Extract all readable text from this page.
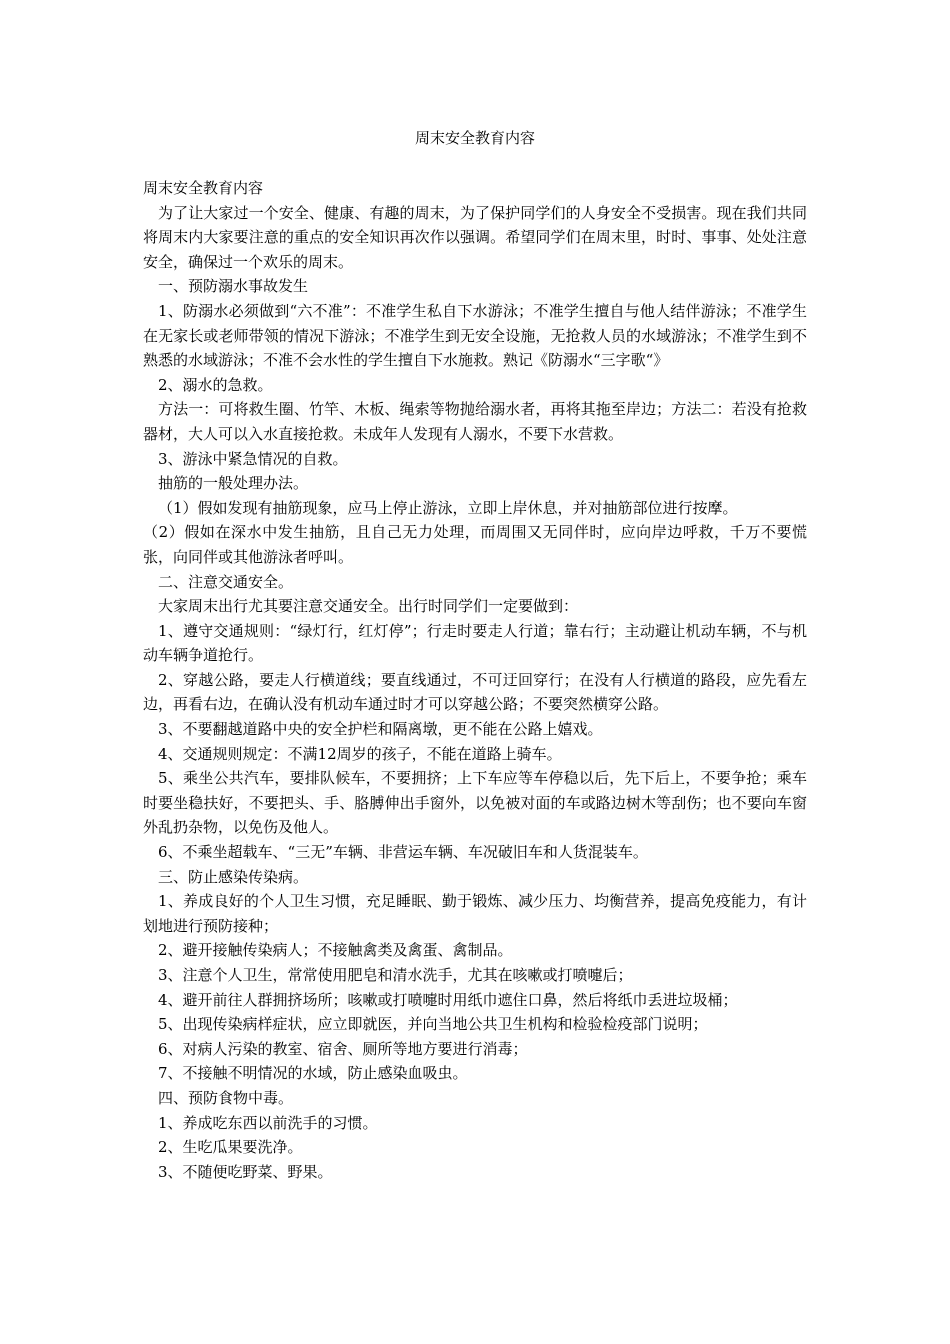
周末安全教育内容

周末安全教育内容

为了让大家过一个安全、健康、有趣的周末，为了保护同学们的人身安全不受损害。现在我们共同将周末内大家要注意的重点的安全知识再次作以强调。希望同学们在周末里，时时、事事、处处注意安全，确保过一个欢乐的周末。

一、预防溺水事故发生

1、防溺水必须做到“六不准”：不准学生私自下水游泳；不准学生擅自与他人结伴游泳；不准学生在无家长或老师带领的情况下游泳；不准学生到无安全设施，无抢救人员的水域游泳；不准学生到不熟悉的水域游泳；不准不会水性的学生擅自下水施救。熟记《防溺水“三字歌“》

2、溺水的急救。

方法一：可将救生圈、竹竿、木板、绳索等物抛给溺水者，再将其拖至岸边；方法二：若没有抢救器材，大人可以入水直接抢救。未成年人发现有人溺水，不要下水营救。

3、游泳中紧急情况的自救。

抽筋的一般处理办法。

（1）假如发现有抽筋现象，应马上停止游泳，立即上岸休息，并对抽筋部位进行按摩。

（2）假如在深水中发生抽筋，且自己无力处理，而周围又无同伴时，应向岸边呼救，千万不要慌张，向同伴或其他游泳者呼叫。

二、注意交通安全。

大家周末出行尤其要注意交通安全。出行时同学们一定要做到：

1、遵守交通规则：“绿灯行，红灯停”；行走时要走人行道；靠右行；主动避让机动车辆，不与机动车辆争道抢行。

2、穿越公路，要走人行横道线；要直线通过，不可迂回穿行；在没有人行横道的路段，应先看左边，再看右边，在确认没有机动车通过时才可以穿越公路；不要突然横穿公路。

3、不要翻越道路中央的安全护栏和隔离墩，更不能在公路上嬉戏。

4、交通规则规定：不满12周岁的孩子，不能在道路上骑车。

5、乘坐公共汽车，要排队候车，不要拥挤；上下车应等车停稳以后，先下后上，不要争抢；乘车时要坐稳扶好，不要把头、手、胳膊伸出手窗外，以免被对面的车或路边树木等刮伤；也不要向车窗外乱扔杂物，以免伤及他人。

6、不乘坐超载车、“三无”车辆、非营运车辆、车况破旧车和人货混装车。

三、防止感染传染病。

1、养成良好的个人卫生习惯，充足睡眠、勤于锻炼、减少压力、均衡营养，提高免疫能力，有计划地进行预防接种；

2、避开接触传染病人；不接触禽类及禽蛋、禽制品。

3、注意个人卫生，常常使用肥皂和清水洗手，尤其在咳嗽或打喷嚏后；

4、避开前往人群拥挤场所；咳嗽或打喷嚏时用纸巾遮住口鼻，然后将纸巾丢进垃圾桶；

5、出现传染病样症状，应立即就医，并向当地公共卫生机构和检验检疫部门说明；

6、对病人污染的教室、宿舍、厕所等地方要进行消毒；

7、不接触不明情况的水域，防止感染血吸虫。

四、预防食物中毒。

1、养成吃东西以前洗手的习惯。

2、生吃瓜果要洗净。

3、不随便吃野菜、野果。
